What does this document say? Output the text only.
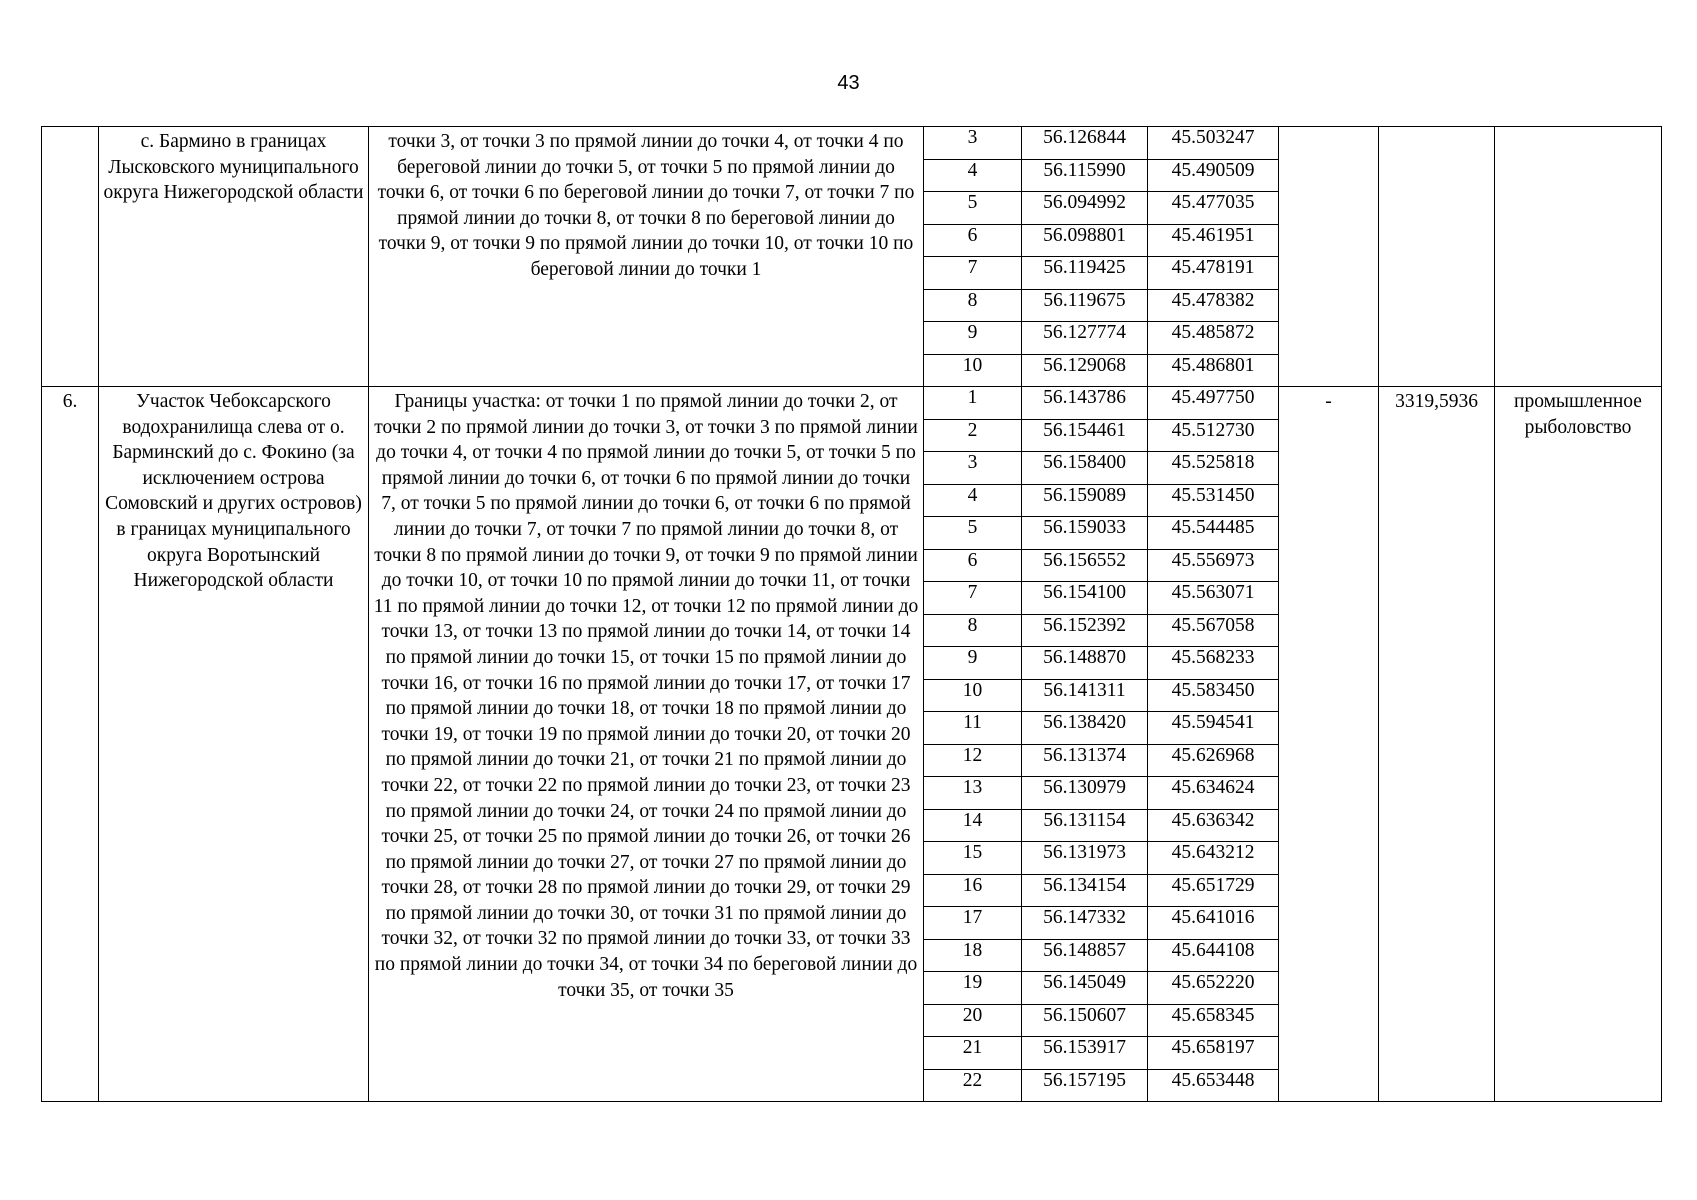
43

	с. Бармино в границах Лысковского муниципального округа Нижегородской области	точки 3, от точки 3 по прямой линии до точки 4, от точки 4 по береговой линии до точки 5, от точки 5 по прямой линии до точки 6, от точки 6 по береговой линии до точки 7, от точки 7 по прямой линии до точки 8, от точки 8 по береговой линии до точки 9, от точки 9 по прямой линии до точки 10, от точки 10 по береговой линии до точки 1	3	56.126844	45.503247	

			4	56.115990	45.490509			
			5	56.094992	45.477035			
			6	56.098801	45.461951			
			7	56.119425	45.478191			
			8	56.119675	45.478382			
			9	56.127774	45.485872			
			10	56.129068	45.486801			

6.	Участок Чебоксарского водохранилища слева от о. Барминский до с. Фокино (за исключением острова Сомовский и других островов) в границах муниципального округа Воротынский Нижегородской области	Границы участка: от точки 1 по прямой линии до точки 2, от точки 2 по прямой линии до точки 3, от точки 3 по прямой линии до точки 4, от точки 4 по прямой линии до точки 5, от точки 5 по прямой линии до точки 6, от точки 6 по прямой линии до точки 7, от точки 5 по прямой линии до точки 6, от точки 6 по прямой линии до точки 7, от точки 7 по прямой линии до точки 8, от точки 8 по прямой линии до точки 9, от точки 9 по прямой линии до точки 10, от точки 10 по прямой линии до точки 11, от точки 11 по прямой линии до точки 12, от точки 12 по прямой линии до точки 13, от точки 13 по прямой линии до точки 14, от точки 14 по прямой линии до точки 15, от точки 15 по прямой линии до точки 16, от точки 16 по прямой линии до точки 17, от точки 17 по прямой линии до точки 18, от точки 18 по прямой линии до точки 19, от точки 19 по прямой линии до точки 20, от точки 20 по прямой линии до точки 21, от точки 21 по прямой линии до точки 22, от точки 22 по прямой линии до точки 23, от точки 23 по прямой линии до точки 24, от точки 24 по прямой линии до точки 25, от точки 25 по прямой линии до точки 26, от точки 26 по прямой линии до точки 27, от точки 27 по прямой линии до точки 28, от точки 28 по прямой линии до точки 29, от точки 29 по прямой линии до точки 30, от точки 31 по прямой линии до точки 32, от точки 32 по прямой линии до точки 33, от точки 33 по прямой линии до точки 34, от точки 34 по береговой линии до точки 35, от точки 35	1	56.143786	45.497750	-	3319,5936	промышленное рыболовство

			2	56.154461	45.512730			
			3	56.158400	45.525818			
			4	56.159089	45.531450			
			5	56.159033	45.544485			
			6	56.156552	45.556973			
			7	56.154100	45.563071			
			8	56.152392	45.567058			
			9	56.148870	45.568233			
			10	56.141311	45.583450			
			11	56.138420	45.594541			
			12	56.131374	45.626968			
			13	56.130979	45.634624			
			14	56.131154	45.636342			
			15	56.131973	45.643212			
			16	56.134154	45.651729			
			17	56.147332	45.641016			
			18	56.148857	45.644108			
			19	56.145049	45.652220			
			20	56.150607	45.658345			
			21	56.153917	45.658197			
			22	56.157195	45.653448			
